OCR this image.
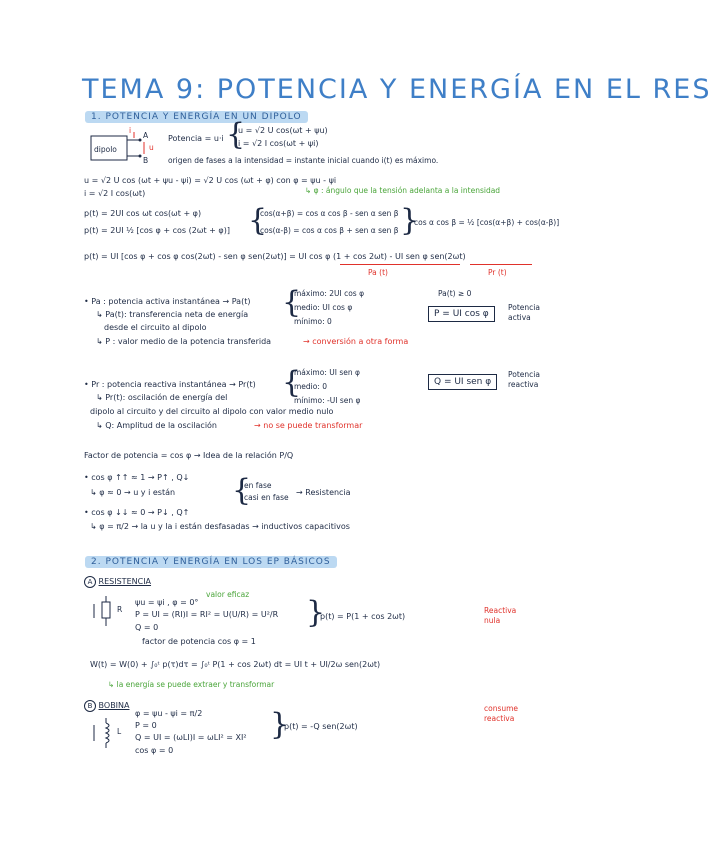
TEMA 9: POTENCIA Y ENERGÍA EN EL RES
1. POTENCIA Y ENERGÍA EN UN DIPOLO
dipolo
A
B
i
u
Potencia = u·i {
u = √2 U cos(ωt + ψu)
i = √2 I cos(ωt + ψi)
origen de fases a la intensidad = instante inicial cuando i(t) es máximo.
u = √2 U cos (ωt + ψu - ψi) = √2 U cos (ωt + φ) con φ = ψu - ψi
i = √2 I cos(ωt)	↳ φ : ángulo que la tensión adelanta a la intensidad
p(t) = 2UI cos ωt cos(ωt + φ)
p(t) = 2UI ½ [cos φ + cos (2ωt + φ)] {
cos(α+β) = cos α cos β - sen α sen β
cos(α-β) = cos α cos β + sen α sen β }
cos α cos β = ½ [cos(α+β) + cos(α-β)]
p(t) = UI [cos φ + cos φ cos(2ωt) - sen φ sen(2ωt)] = UI cos φ (1 + cos 2ωt) - UI sen φ sen(2ωt)
Pa (t)	Pr (t)
• Pa : potencia activa instantánea → Pa(t)
↳ Pa(t): transferencia neta de energía
desde el circuito al dipolo
↳ P : valor medio de la potencia transferida	→ conversión a otra forma
{
máximo: 2UI cos φ
medio: UI cos φ
mínimo: 0
Pa(t) ≥ 0
P = UI cos φ
Potencia activa
• Pr : potencia reactiva instantánea → Pr(t)
↳ Pr(t): oscilación de energía del
dipolo al circuito y del circuito al dipolo con valor medio nulo
↳ Q: Amplitud de la oscilación	→ no se puede transformar
{
máximo: UI sen φ
medio: 0
mínimo: -UI sen φ
Q = UI sen φ
Potencia reactiva
Factor de potencia = cos φ → Idea de la relación P/Q
• cos φ ↑↑ ≈ 1 → P↑ , Q↓
↳ φ ≈ 0 → u y i están {
en fase
casi en fase
→ Resistencia
• cos φ ↓↓ ≈ 0 → P↓ , Q↑
↳ φ = π/2 → la u y la i están desfasadas → inductivos capacitivos
2. POTENCIA Y ENERGÍA EN LOS EP BÁSICOS
A RESISTENCIA
R
valor eficaz
ψu = ψi , φ = 0°
P = UI = (RI)I = RI² = U(U/R) = U²/R
Q = 0
factor de potencia cos φ = 1
}
p(t) = P(1 + cos 2ωt)
Reactiva nula
W(t) = W(0) + ∫₀ᵗ p(τ)dτ = ∫₀ᵗ P(1 + cos 2ωt) dt = UI t + UI/2ω sen(2ωt)
↳ la energía se puede extraer y transformar
B BOBINA
L
φ = ψu - ψi = π/2
P = 0
Q = UI = (ωLI)I = ωLI² = XI²
cos φ = 0
}
p(t) = -Q sen(2ωt)
consume reactiva
